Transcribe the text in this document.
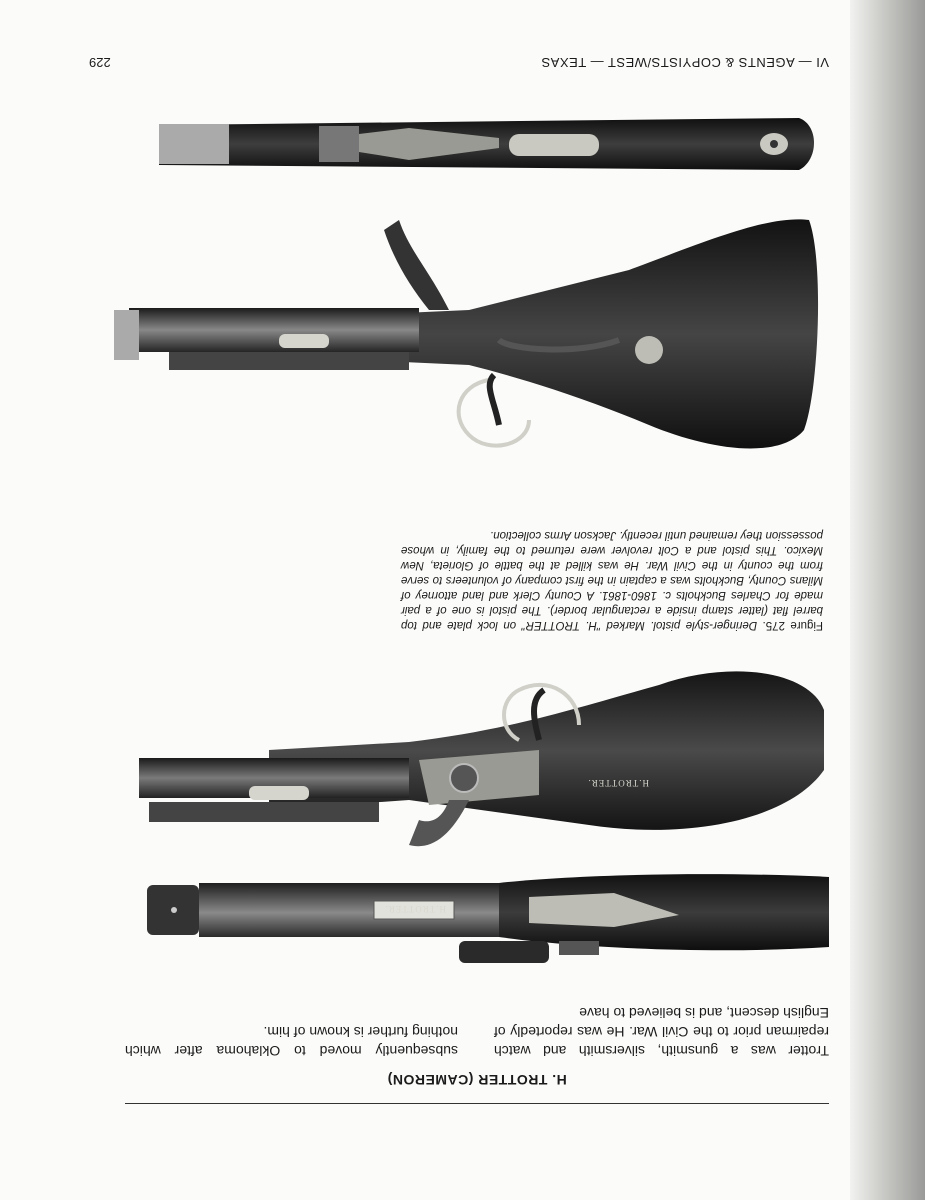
229	VI — AGENTS & COPYISTS/WEST — TEXAS
H. TROTTER (CAMERON)

Trotter was a gunsmith, silversmith and watch repairman prior to the Civil War. He was reportedly of English descent, and is believed to have

subsequently moved to Oklahoma after which nothing further is known of him.

Figure 275. Deringer-style pistol. Marked "H. TROTTER" on lock plate and top barrel flat (latter stamp inside a rectangular border). The pistol is one of a pair made for Charles Buckholts c. 1860-1861. A County Clerk and land attorney of Milans County, Buckholts was a captain in the first company of volunteers to serve from the county in the Civil War. He was killed at the battle of Glorieta, New Mexico. This pistol and a Colt revolver were returned to the family, in whose possession they remained until recently. Jackson Arms collection.

H.TROTTER.
H.TROTTER.
